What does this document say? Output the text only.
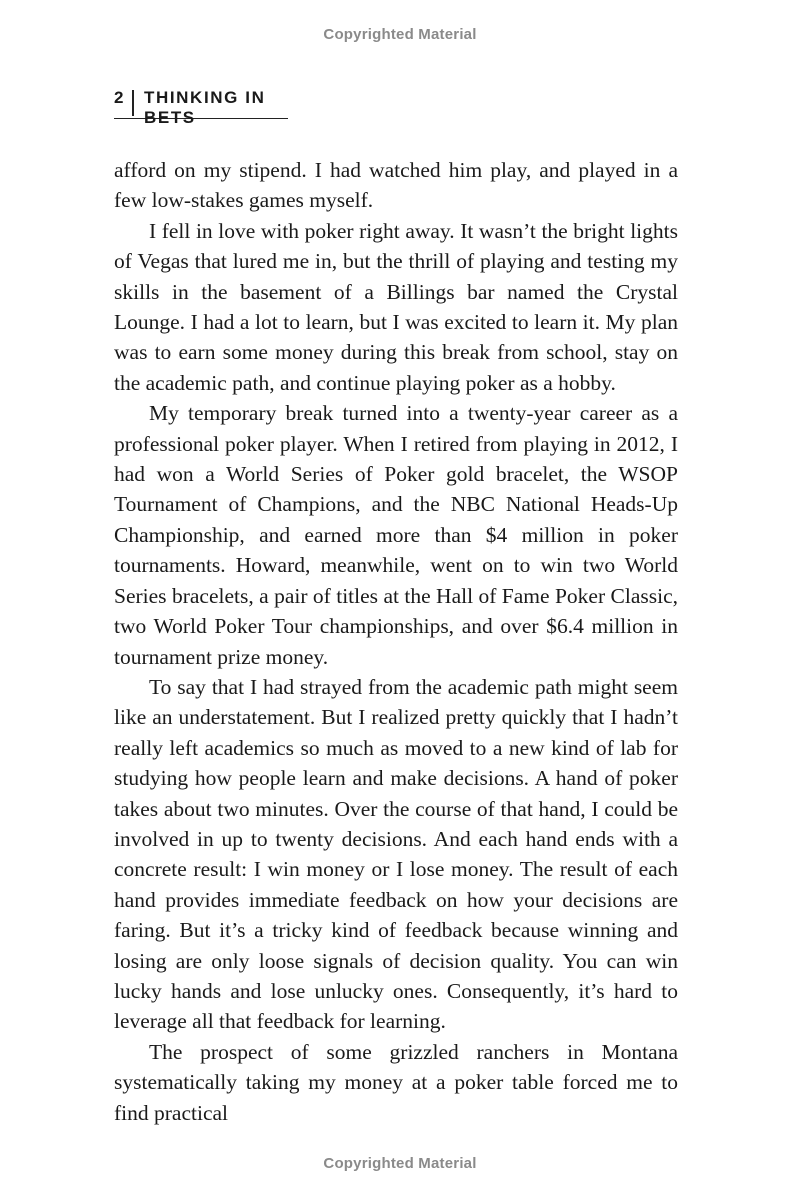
Copyrighted Material
2 THINKING IN BETS

afford on my stipend. I had watched him play, and played in a few low-stakes games myself.

I fell in love with poker right away. It wasn’t the bright lights of Vegas that lured me in, but the thrill of playing and testing my skills in the basement of a Billings bar named the Crystal Lounge. I had a lot to learn, but I was excited to learn it. My plan was to earn some money during this break from school, stay on the academic path, and continue playing poker as a hobby.

My temporary break turned into a twenty-year career as a professional poker player. When I retired from playing in 2012, I had won a World Series of Poker gold bracelet, the WSOP Tournament of Champions, and the NBC National Heads-Up Championship, and earned more than $4 million in poker tournaments. Howard, meanwhile, went on to win two World Series bracelets, a pair of titles at the Hall of Fame Poker Classic, two World Poker Tour championships, and over $6.4 million in tournament prize money.

To say that I had strayed from the academic path might seem like an understatement. But I realized pretty quickly that I hadn’t really left academics so much as moved to a new kind of lab for studying how people learn and make decisions. A hand of poker takes about two minutes. Over the course of that hand, I could be involved in up to twenty decisions. And each hand ends with a concrete result: I win money or I lose money. The result of each hand provides immediate feedback on how your decisions are faring. But it’s a tricky kind of feedback because winning and losing are only loose signals of decision quality. You can win lucky hands and lose unlucky ones. Consequently, it’s hard to leverage all that feedback for learning.

The prospect of some grizzled ranchers in Montana systematically taking my money at a poker table forced me to find practical

Copyrighted Material
